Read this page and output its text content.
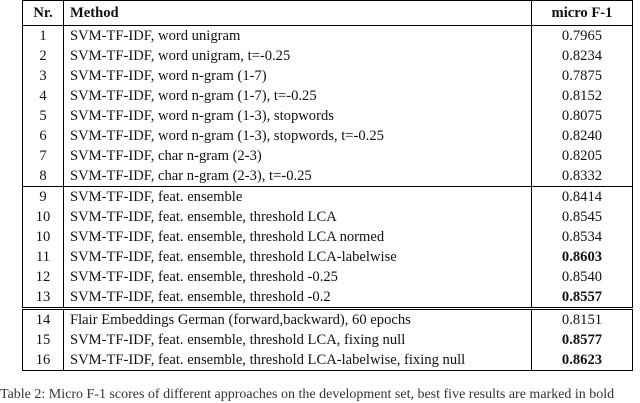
Nr.	Method	micro F-1
1	SVM-TF-IDF, word unigram	0.7965
2	SVM-TF-IDF, word unigram, t=-0.25	0.8234
3	SVM-TF-IDF, word n-gram (1-7)	0.7875
4	SVM-TF-IDF, word n-gram (1-7), t=-0.25	0.8152
5	SVM-TF-IDF, word n-gram (1-3), stopwords	0.8075
6	SVM-TF-IDF, word n-gram (1-3), stopwords, t=-0.25	0.8240
7	SVM-TF-IDF, char n-gram (2-3)	0.8205
8	SVM-TF-IDF, char n-gram (2-3), t=-0.25	0.8332
9	SVM-TF-IDF, feat. ensemble	0.8414
10	SVM-TF-IDF, feat. ensemble, threshold LCA	0.8545
10	SVM-TF-IDF, feat. ensemble, threshold LCA normed	0.8534
11	SVM-TF-IDF, feat. ensemble, threshold LCA-labelwise	0.8603
12	SVM-TF-IDF, feat. ensemble, threshold -0.25	0.8540
13	SVM-TF-IDF, feat. ensemble, threshold -0.2	0.8557
14	Flair Embeddings German (forward,backward), 60 epochs	0.8151
15	SVM-TF-IDF, feat. ensemble, threshold LCA, fixing null	0.8577
16	SVM-TF-IDF, feat. ensemble, threshold LCA-labelwise, fixing null	0.8623
Table 2: Micro F-1 scores of different approaches on the development set, best five results are marked in bold
